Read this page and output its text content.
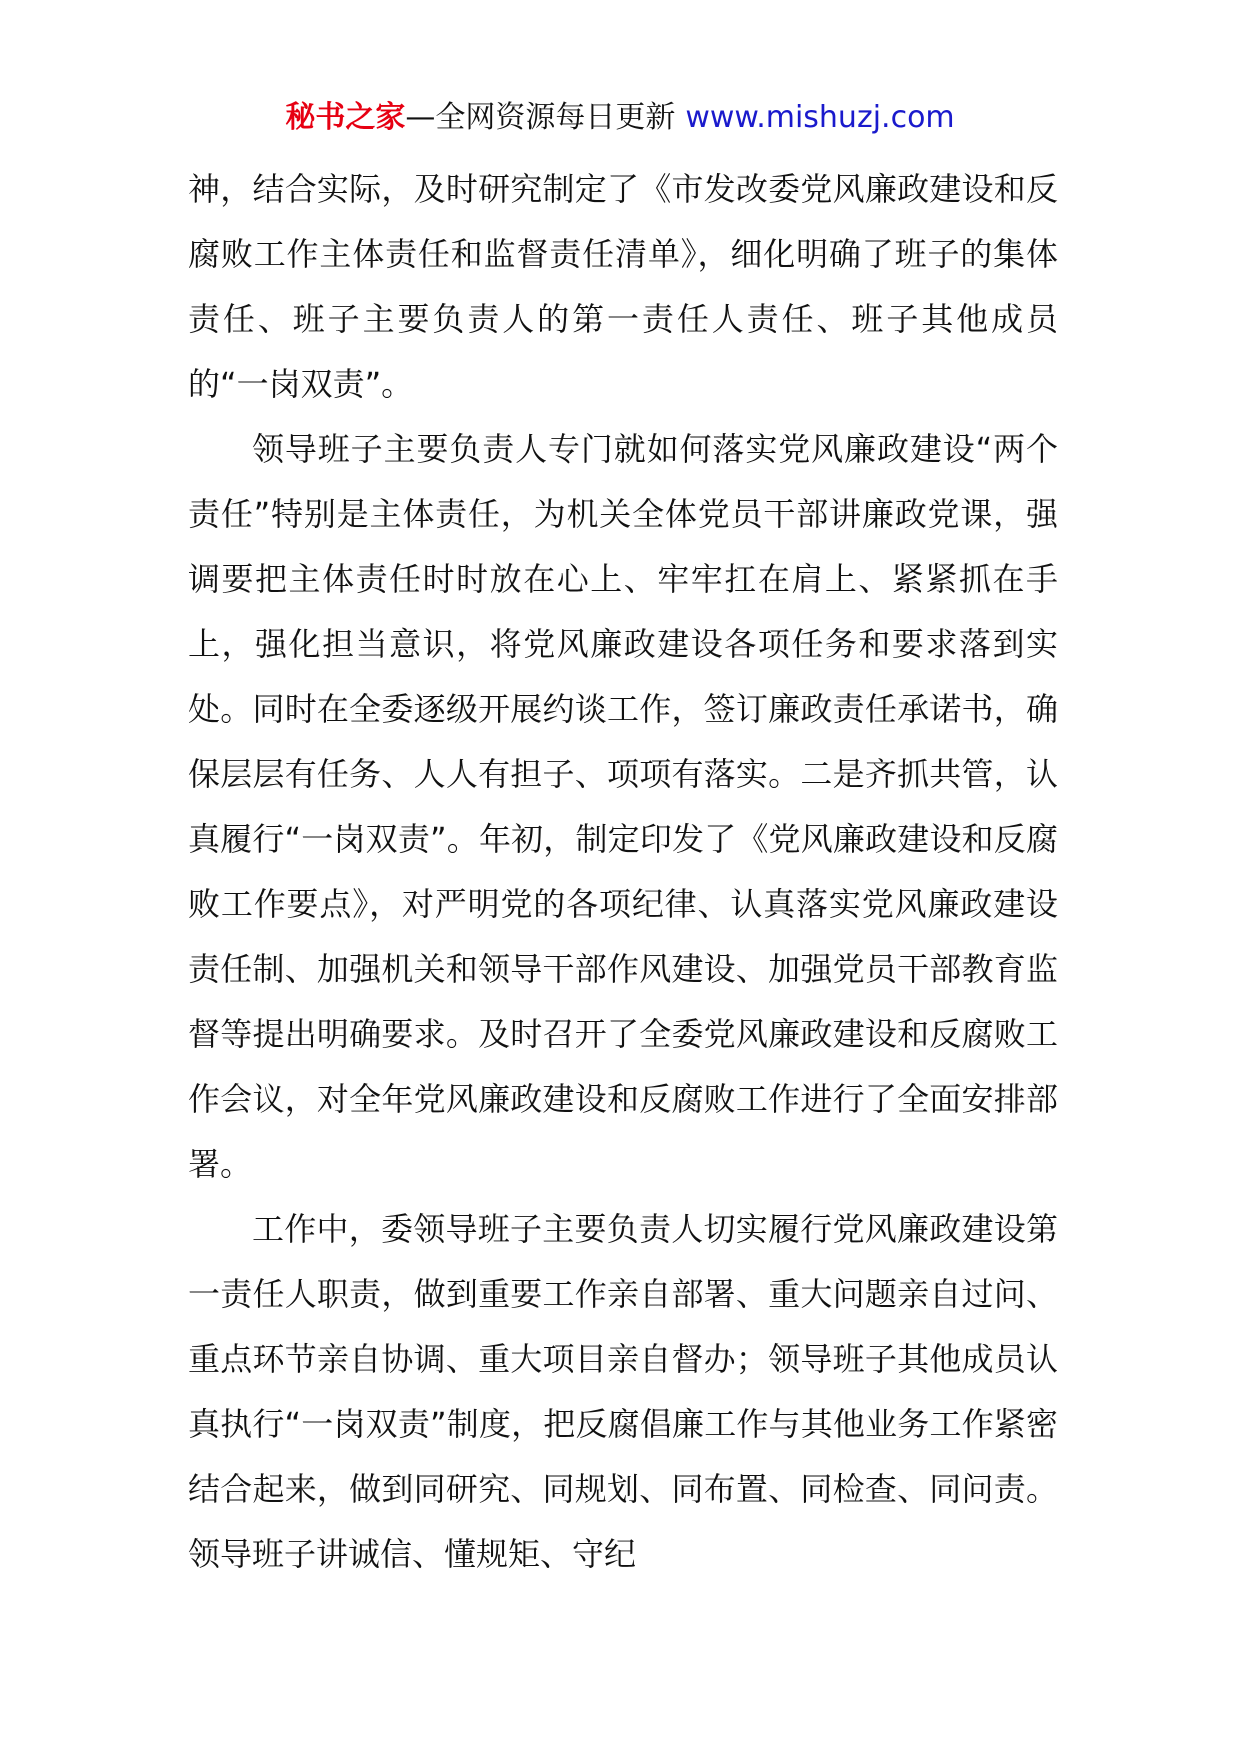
秘书之家—全网资源每日更新 www.mishuzj.com

神，结合实际，及时研究制定了《市发改委党风廉政建设和反腐败工作主体责任和监督责任清单》，细化明确了班子的集体责任、班子主要负责人的第一责任人责任、班子其他成员的“一岗双责”。

领导班子主要负责人专门就如何落实党风廉政建设“两个责任”特别是主体责任，为机关全体党员干部讲廉政党课，强调要把主体责任时时放在心上、牢牢扛在肩上、紧紧抓在手上，强化担当意识，将党风廉政建设各项任务和要求落到实处。同时在全委逐级开展约谈工作，签订廉政责任承诺书，确保层层有任务、人人有担子、项项有落实。二是齐抓共管，认真履行“一岗双责”。年初，制定印发了《党风廉政建设和反腐败工作要点》，对严明党的各项纪律、认真落实党风廉政建设责任制、加强机关和领导干部作风建设、加强党员干部教育监督等提出明确要求。及时召开了全委党风廉政建设和反腐败工作会议，对全年党风廉政建设和反腐败工作进行了全面安排部署。

工作中，委领导班子主要负责人切实履行党风廉政建设第一责任人职责，做到重要工作亲自部署、重大问题亲自过问、重点环节亲自协调、重大项目亲自督办；领导班子其他成员认真执行“一岗双责”制度，把反腐倡廉工作与其他业务工作紧密结合起来，做到同研究、同规划、同布置、同检查、同问责。领导班子讲诚信、懂规矩、守纪
